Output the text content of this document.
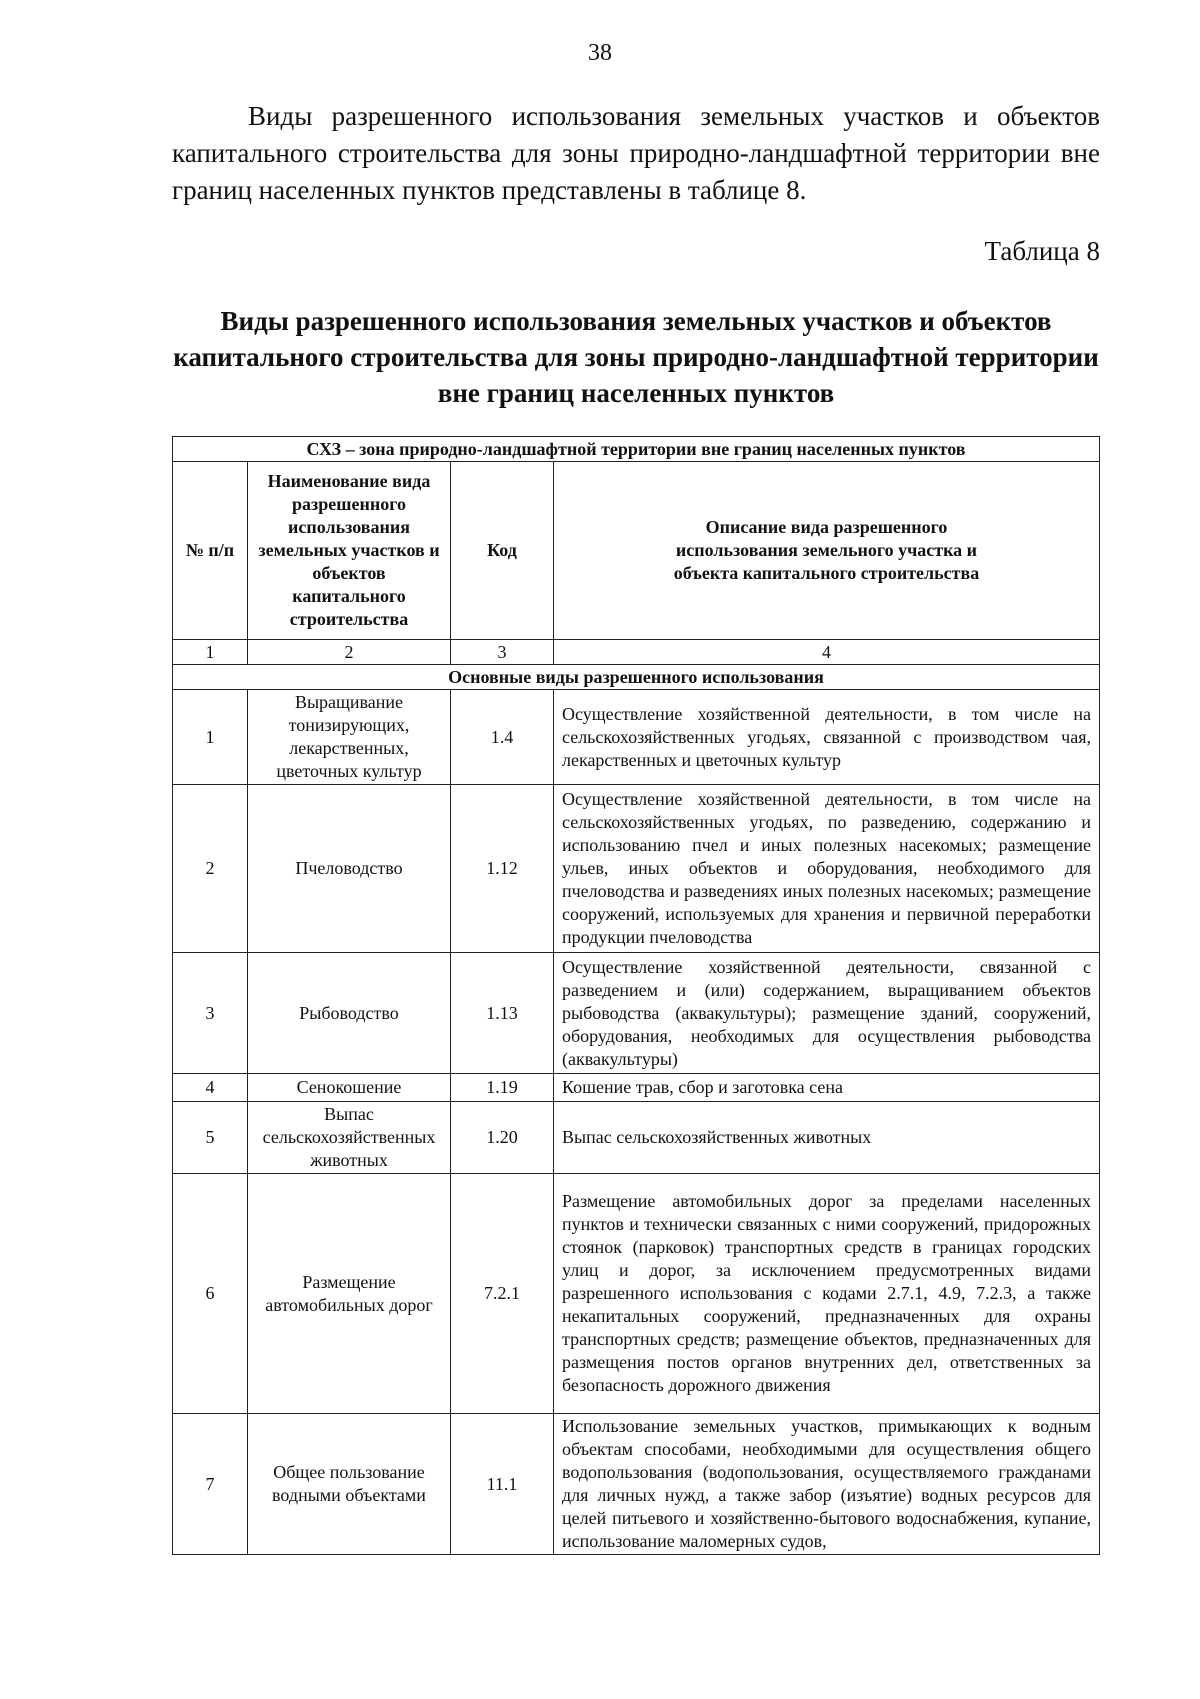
38

Виды разрешенного использования земельных участков и объектов капитального строительства для зоны природно-ландшафтной территории вне границ населенных пунктов представлены в таблице 8.

Таблица 8

Виды разрешенного использования земельных участков и объектов капитального строительства для зоны природно-ландшафтной территории вне границ населенных пунктов

СХЗ – зона природно-ландшафтной территории вне границ населенных пунктов			
№ п/п	Наименование вида разрешенного использования земельных участков и объектов капитального строительства	Код	Описание вида разрешенного использования земельного участка и объекта капитального строительства
1	2	3	4
Основные виды разрешенного использования			
1	Выращивание тонизирующих, лекарственных, цветочных культур	1.4	Осуществление хозяйственной деятельности, в том числе на сельскохозяйственных угодьях, связанной с производством чая, лекарственных и цветочных культур
2	Пчеловодство	1.12	Осуществление хозяйственной деятельности, в том числе на сельскохозяйственных угодьях, по разведению, содержанию и использованию пчел и иных полезных насекомых; размещение ульев, иных объектов и оборудования, необходимого для пчеловодства и разведениях иных полезных насекомых; размещение сооружений, используемых для хранения и первичной переработки продукции пчеловодства
3	Рыбоводство	1.13	Осуществление хозяйственной деятельности, связанной с разведением и (или) содержанием, выращиванием объектов рыбоводства (аквакультуры); размещение зданий, сооружений, оборудования, необходимых для осуществления рыбоводства (аквакультуры)
4	Сенокошение	1.19	Кошение трав, сбор и заготовка сена
5	Выпас сельскохозяйственных животных	1.20	Выпас сельскохозяйственных животных
6	Размещение автомобильных дорог	7.2.1	Размещение автомобильных дорог за пределами населенных пунктов и технически связанных с ними сооружений, придорожных стоянок (парковок) транспортных средств в границах городских улиц и дорог, за исключением предусмотренных видами разрешенного использования с кодами 2.7.1, 4.9, 7.2.3, а также некапитальных сооружений, предназначенных для охраны транспортных средств; размещение объектов, предназначенных для размещения постов органов внутренних дел, ответственных за безопасность дорожного движения
7	Общее пользование водными объектами	11.1	Использование земельных участков, примыкающих к водным объектам способами, необходимыми для осуществления общего водопользования (водопользования, осуществляемого гражданами для личных нужд, а также забор (изъятие) водных ресурсов для целей питьевого и хозяйственно-бытового водоснабжения, купание, использование маломерных судов,
